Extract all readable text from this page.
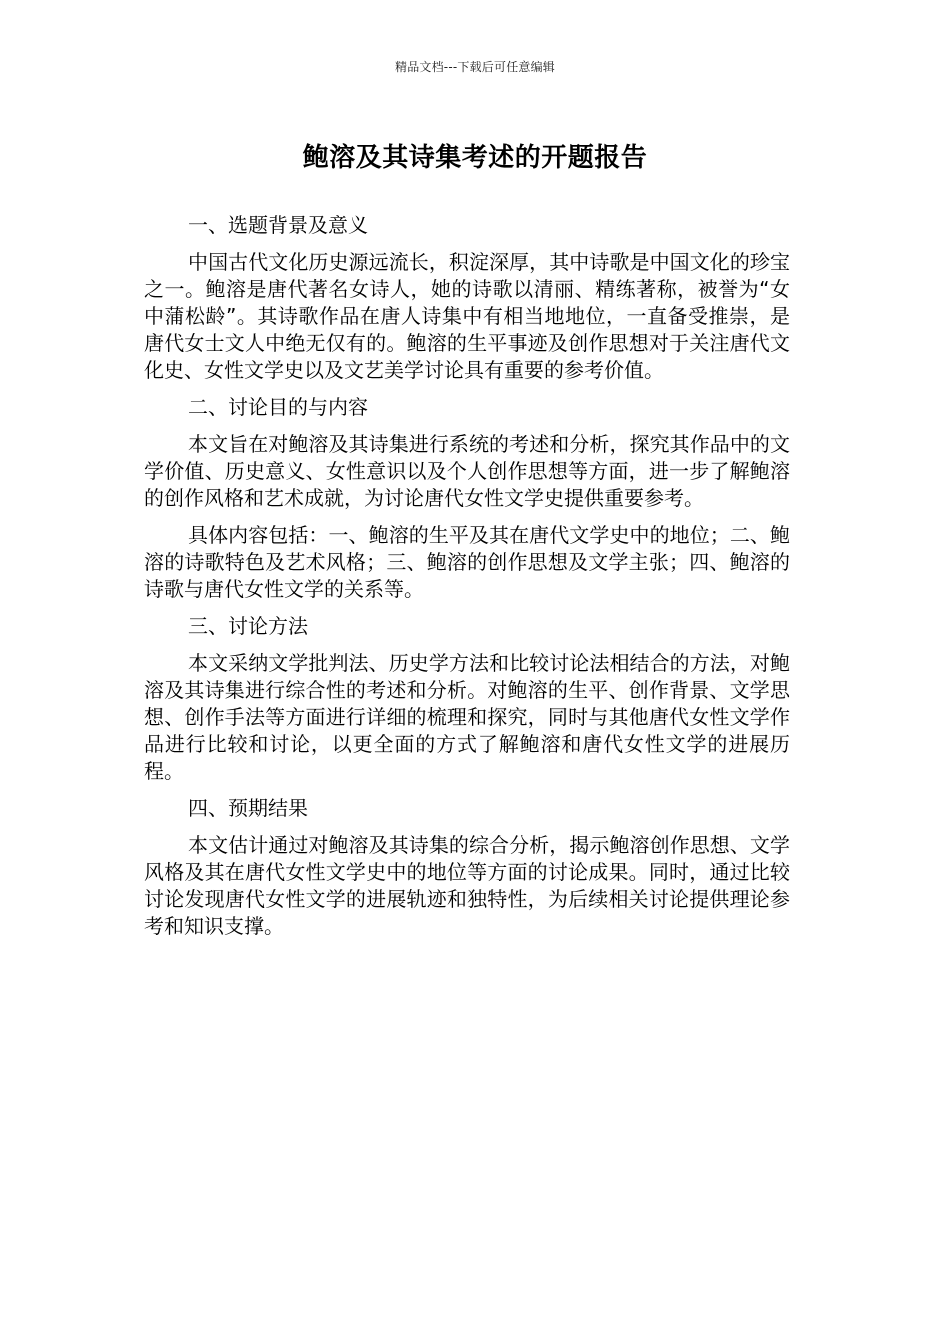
精品文档---下载后可任意编辑
鲍溶及其诗集考述的开题报告

一、选题背景及意义

中国古代文化历史源远流长，积淀深厚，其中诗歌是中国文化的珍宝之一。鲍溶是唐代著名女诗人，她的诗歌以清丽、精练著称，被誉为“女中蒲松龄”。其诗歌作品在唐人诗集中有相当地地位，一直备受推崇，是唐代女士文人中绝无仅有的。鲍溶的生平事迹及创作思想对于关注唐代文化史、女性文学史以及文艺美学讨论具有重要的参考价值。

二、讨论目的与内容

本文旨在对鲍溶及其诗集进行系统的考述和分析，探究其作品中的文学价值、历史意义、女性意识以及个人创作思想等方面，进一步了解鲍溶的创作风格和艺术成就，为讨论唐代女性文学史提供重要参考。

具体内容包括：一、鲍溶的生平及其在唐代文学史中的地位；二、鲍溶的诗歌特色及艺术风格；三、鲍溶的创作思想及文学主张；四、鲍溶的诗歌与唐代女性文学的关系等。

三、讨论方法

本文采纳文学批判法、历史学方法和比较讨论法相结合的方法，对鲍溶及其诗集进行综合性的考述和分析。对鲍溶的生平、创作背景、文学思想、创作手法等方面进行详细的梳理和探究，同时与其他唐代女性文学作品进行比较和讨论，以更全面的方式了解鲍溶和唐代女性文学的进展历程。

四、预期结果

本文估计通过对鲍溶及其诗集的综合分析，揭示鲍溶创作思想、文学风格及其在唐代女性文学史中的地位等方面的讨论成果。同时，通过比较讨论发现唐代女性文学的进展轨迹和独特性，为后续相关讨论提供理论参考和知识支撑。
